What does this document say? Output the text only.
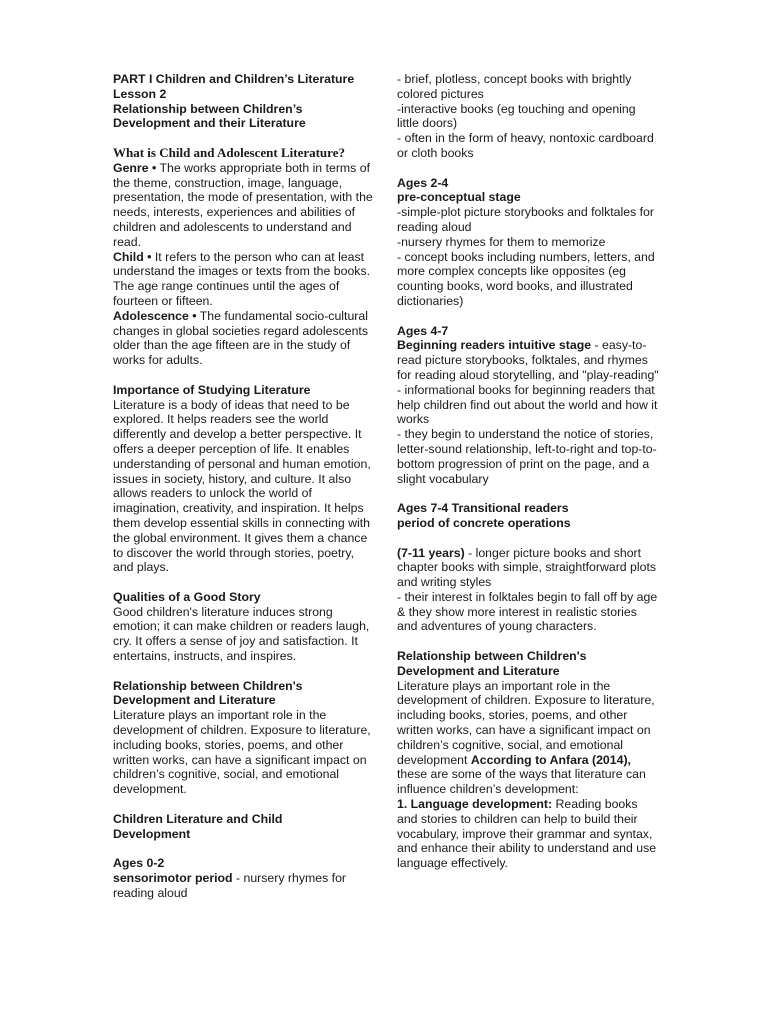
PART I Children and Children’s Literature

Lesson 2

Relationship between Children’s

Development and their Literature

What is Child and Adolescent Literature?

Genre • The works appropriate both in terms of the theme, construction, image, language, presentation, the mode of presentation, with the needs, interests, experiences and abilities of children and adolescents to understand and read.

Child • It refers to the person who can at least understand the images or texts from the books. The age range continues until the ages of fourteen or fifteen.

Adolescence • The fundamental socio-cultural changes in global societies regard adolescents older than the age fifteen are in the study of works for adults.

Importance of Studying Literature

Literature is a body of ideas that need to be explored. It helps readers see the world differently and develop a better perspective. It offers a deeper perception of life. It enables understanding of personal and human emotion, issues in society, history, and culture. It also allows readers to unlock the world of imagination, creativity, and inspiration. It helps them develop essential skills in connecting with the global environment. It gives them a chance to discover the world through stories, poetry, and plays.

Qualities of a Good Story

Good children's literature induces strong emotion; it can make children or readers laugh, cry. It offers a sense of joy and satisfaction. It entertains, instructs, and inspires.

Relationship between Children's

Development and Literature

Literature plays an important role in the development of children. Exposure to literature, including books, stories, poems, and other written works, can have a significant impact on children’s cognitive, social, and emotional development.

Children Literature and Child

Development

Ages 0-2

sensorimotor period - nursery rhymes for reading aloud

- brief, plotless, concept books with brightly colored pictures

-interactive books (eg touching and opening little doors)

- often in the form of heavy, nontoxic cardboard or cloth books

Ages 2-4

pre-conceptual stage

-simple-plot picture storybooks and folktales for reading aloud

-nursery rhymes for them to memorize

- concept books including numbers, letters, and more complex concepts like opposites (eg counting books, word books, and illustrated dictionaries)

Ages 4-7

Beginning readers intuitive stage - easy-to-read picture storybooks, folktales, and rhymes for reading aloud storytelling, and "play-reading"

- informational books for beginning readers that help children find out about the world and how it works

- they begin to understand the notice of stories, letter-sound relationship, left-to-right and top-to-bottom progression of print on the page, and a slight vocabulary

Ages 7-4 Transitional readers

period of concrete operations

(7-11 years) - longer picture books and short chapter books with simple, straightforward plots and writing styles

- their interest in folktales begin to fall off by age & they show more interest in realistic stories and adventures of young characters.

Relationship between Children's

Development and Literature

Literature plays an important role in the development of children. Exposure to literature, including books, stories, poems, and other written works, can have a significant impact on children’s cognitive, social, and emotional development According to Anfara (2014), these are some of the ways that literature can influence children’s development:

1. Language development: Reading books and stories to children can help to build their vocabulary, improve their grammar and syntax, and enhance their ability to understand and use language effectively.
